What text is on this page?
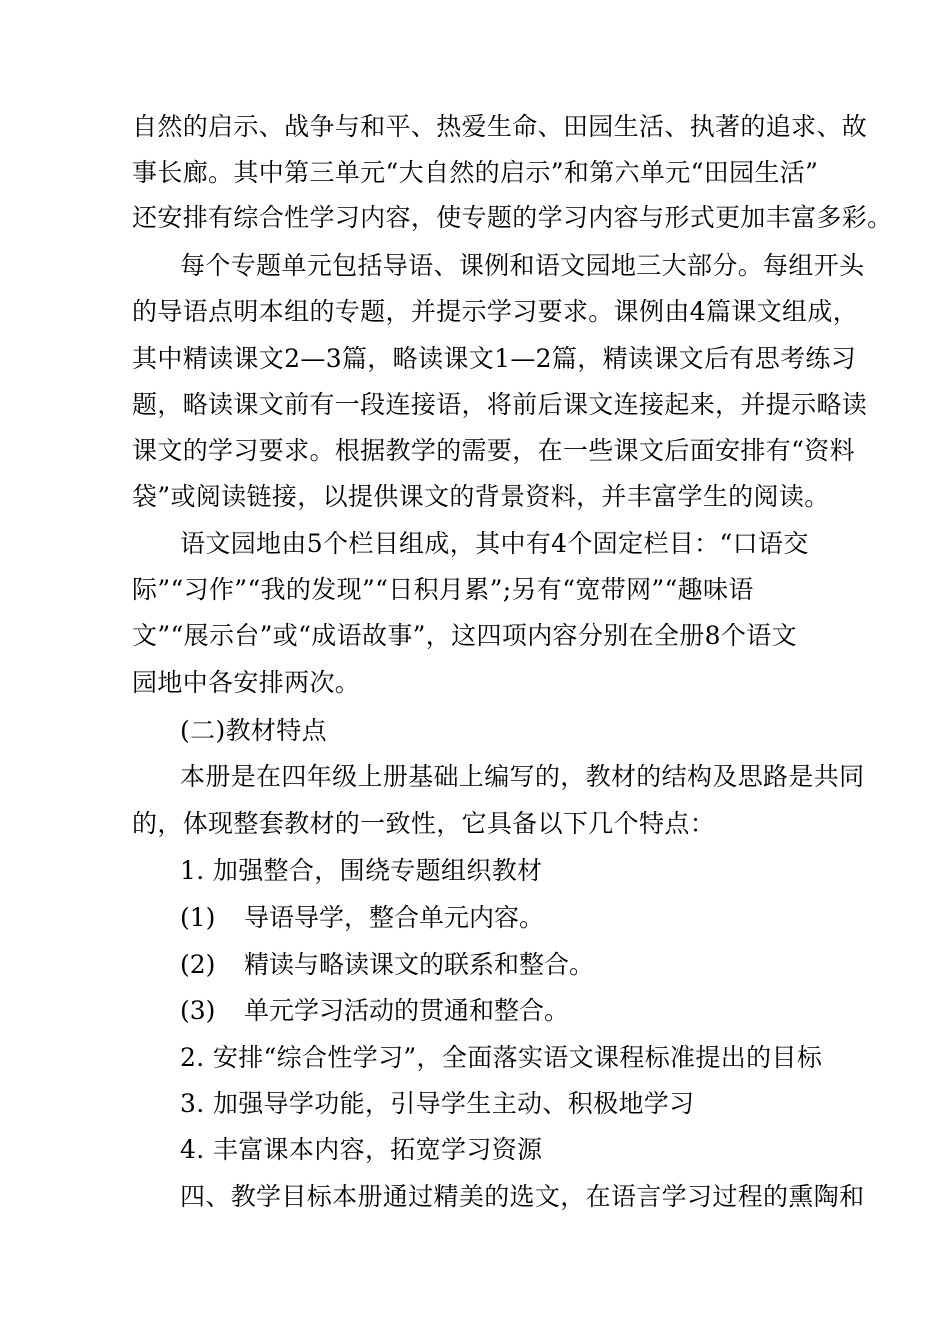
自然的启示、战争与和平、热爱生命、田园生活、执著的追求、故
事长廊。其中第三单元“大自然的启示”和第六单元“田园生活”
还安排有综合性学习内容，使专题的学习内容与形式更加丰富多彩。
每个专题单元包括导语、课例和语文园地三大部分。每组开头
的导语点明本组的专题，并提示学习要求。课例由4篇课文组成，
其中精读课文2—3篇，略读课文1—2篇，精读课文后有思考练习
题，略读课文前有一段连接语，将前后课文连接起来，并提示略读
课文的学习要求。根据教学的需要，在一些课文后面安排有“资料
袋”或阅读链接，以提供课文的背景资料，并丰富学生的阅读。
语文园地由5个栏目组成，其中有4个固定栏目：“口语交
际”“习作”“我的发现”“日积月累”;另有“宽带网”“趣味语
文”“展示台”或“成语故事”，这四项内容分别在全册8个语文
园地中各安排两次。
(二)教材特点
本册是在四年级上册基础上编写的，教材的结构及思路是共同
的，体现整套教材的一致性，它具备以下几个特点：
1. 加强整合，围绕专题组织教材
(1) 导语导学，整合单元内容。
(2) 精读与略读课文的联系和整合。
(3) 单元学习活动的贯通和整合。
2. 安排“综合性学习”，全面落实语文课程标准提出的目标
3. 加强导学功能，引导学生主动、积极地学习
4. 丰富课本内容，拓宽学习资源
四、教学目标本册通过精美的选文，在语言学习过程的熏陶和
